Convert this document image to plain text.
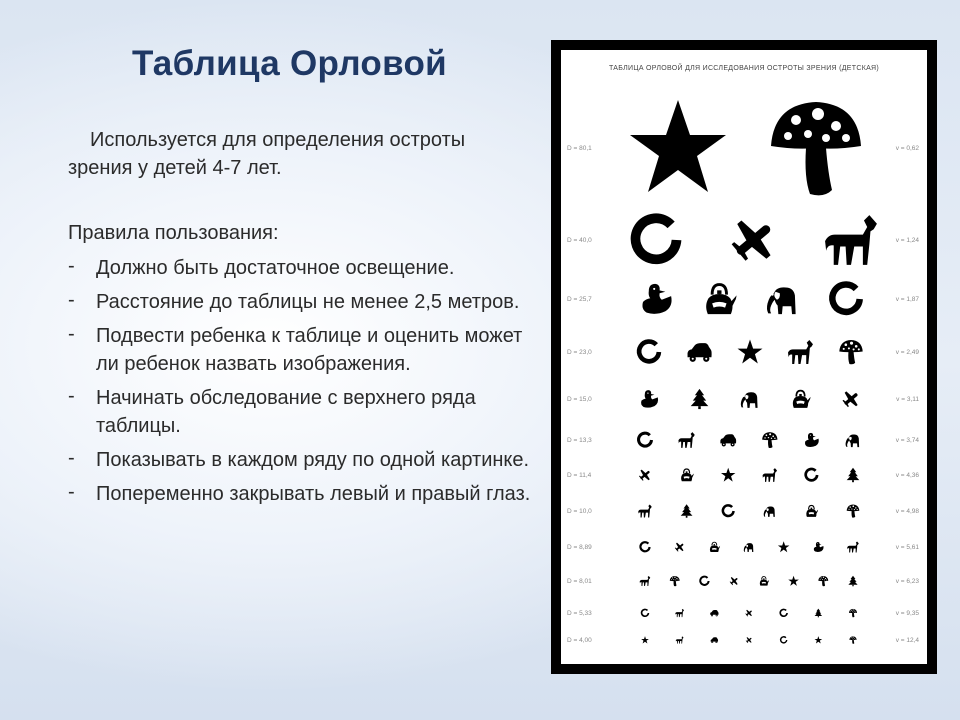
Таблица Орловой

Используется для определения остроты зрения у детей 4-7 лет.

Правила пользования:
- Должно быть достаточное освещение.
- Расстояние до таблицы не менее 2,5 метров.
- Подвести ребенка к таблице и оценить может ли ребенок назвать изображения.
- Начинать обследование с верхнего ряда таблицы.
- Показывать в каждом ряду по одной картинке.
- Попеременно закрывать левый и правый глаз.
ТАБЛИЦА ОРЛОВОЙ ДЛЯ ИССЛЕДОВАНИЯ ОСТРОТЫ ЗРЕНИЯ (ДЕТСКАЯ)
D = 80,1	v = 0,62
D = 40,0	v = 1,24
D = 25,7	v = 1,87
D = 23,0	v = 2,49
D = 15,0	v = 3,11
D = 13,3	v = 3,74
D = 11,4	v = 4,36
D = 10,0	v = 4,98
D = 8,89	v = 5,61
D = 8,01	v = 6,23
D = 5,33	v = 9,35
D = 4,00	v = 12,4
